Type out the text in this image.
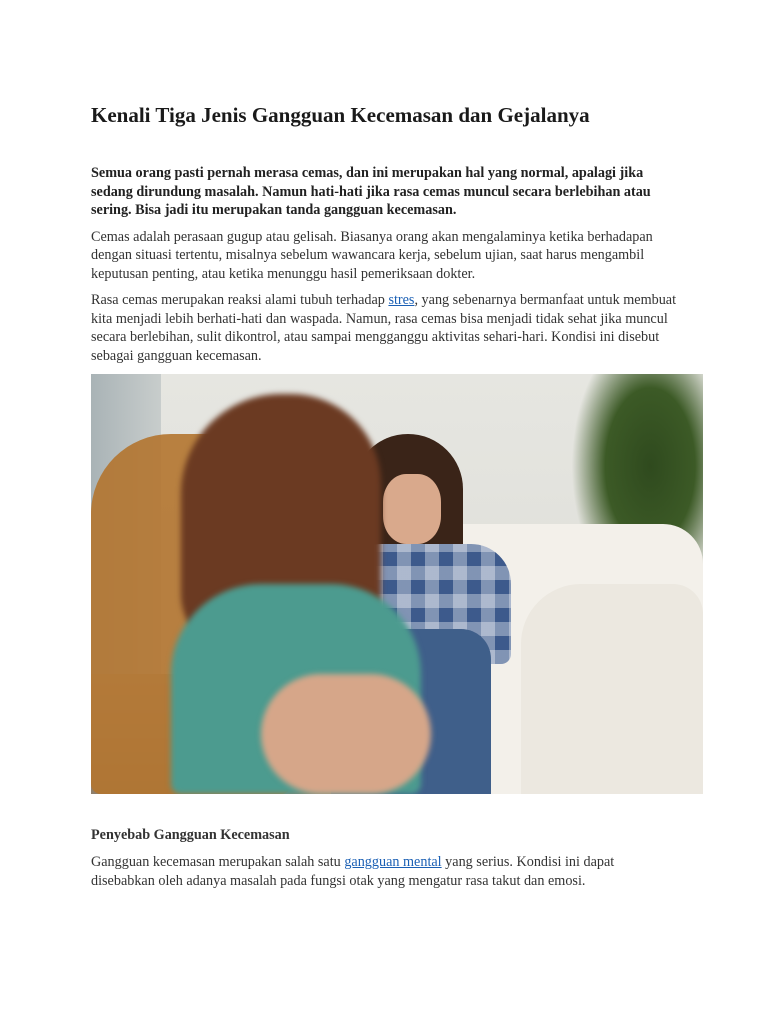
Kenali Tiga Jenis Gangguan Kecemasan dan Gejalanya

Semua orang pasti pernah merasa cemas, dan ini merupakan hal yang normal, apalagi jika sedang dirundung masalah. Namun hati-hati jika rasa cemas muncul secara berlebihan atau sering. Bisa jadi itu merupakan tanda gangguan kecemasan.

Cemas adalah perasaan gugup atau gelisah. Biasanya orang akan mengalaminya ketika berhadapan dengan situasi tertentu, misalnya sebelum wawancara kerja, sebelum ujian, saat harus mengambil keputusan penting, atau ketika menunggu hasil pemeriksaan dokter.

Rasa cemas merupakan reaksi alami tubuh terhadap stres, yang sebenarnya bermanfaat untuk membuat kita menjadi lebih berhati-hati dan waspada. Namun, rasa cemas bisa menjadi tidak sehat jika muncul secara berlebihan, sulit dikontrol, atau sampai mengganggu aktivitas sehari-hari. Kondisi ini disebut sebagai gangguan kecemasan.

Penyebab Gangguan Kecemasan

Gangguan kecemasan merupakan salah satu gangguan mental yang serius. Kondisi ini dapat disebabkan oleh adanya masalah pada fungsi otak yang mengatur rasa takut dan emosi.
